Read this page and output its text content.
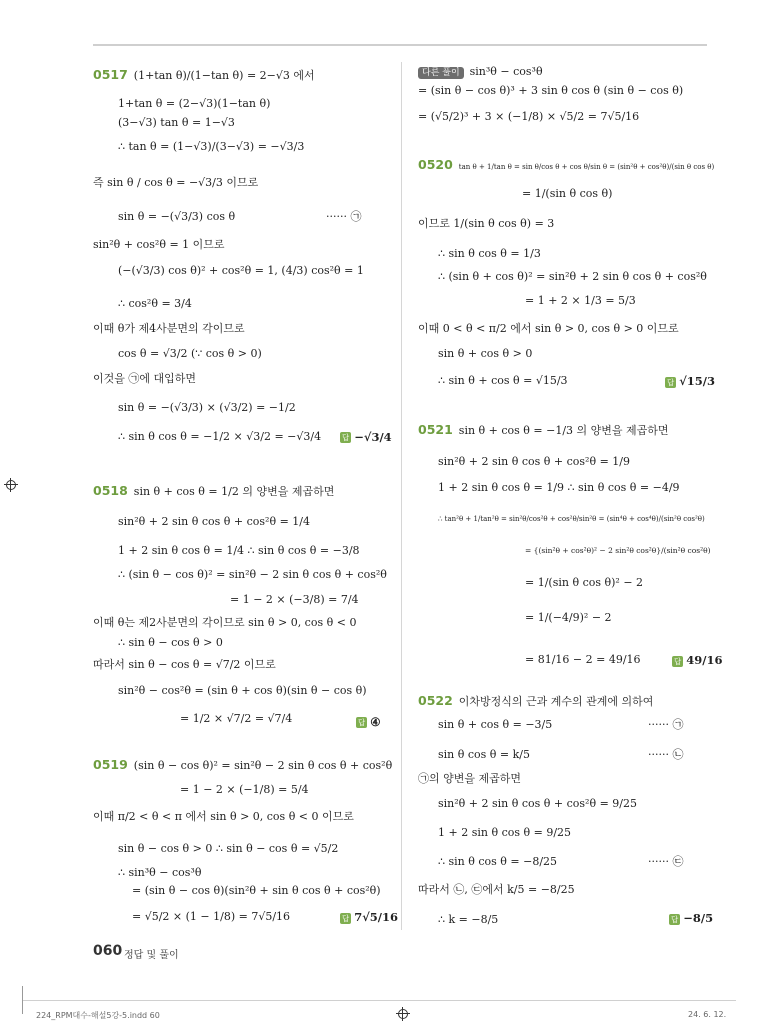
0517 (1+tan θ)/(1−tan θ) = 2−√3 에서
1+tan θ = (2−√3)(1−tan θ)
(3−√3) tan θ = 1−√3
∴ tan θ = (1−√3)/(3−√3) = −√3/3
즉 sin θ / cos θ = −√3/3 이므로
sin θ = −(√3/3) cos θ	······ ㉠
sin²θ + cos²θ = 1 이므로
(−(√3/3) cos θ)² + cos²θ = 1, (4/3) cos²θ = 1
∴ cos²θ = 3/4
이때 θ가 제4사분면의 각이므로
cos θ = √3/2 (∵ cos θ > 0)
이것을 ㉠에 대입하면
sin θ = −(√3/3) × (√3/2) = −1/2
∴ sin θ cos θ = −1/2 × √3/2 = −√3/4	답 −√3/4
0518 sin θ + cos θ = 1/2 의 양변을 제곱하면
sin²θ + 2 sin θ cos θ + cos²θ = 1/4
1 + 2 sin θ cos θ = 1/4 ∴ sin θ cos θ = −3/8
∴ (sin θ − cos θ)² = sin²θ − 2 sin θ cos θ + cos²θ
= 1 − 2 × (−3/8) = 7/4
이때 θ는 제2사분면의 각이므로 sin θ > 0, cos θ < 0
∴ sin θ − cos θ > 0
따라서 sin θ − cos θ = √7/2 이므로
sin²θ − cos²θ = (sin θ + cos θ)(sin θ − cos θ)
= 1/2 × √7/2 = √7/4	답 ④
0519 (sin θ − cos θ)² = sin²θ − 2 sin θ cos θ + cos²θ
= 1 − 2 × (−1/8) = 5/4
이때 π/2 < θ < π 에서 sin θ > 0, cos θ < 0 이므로
sin θ − cos θ > 0 ∴ sin θ − cos θ = √5/2
∴ sin³θ − cos³θ
= (sin θ − cos θ)(sin²θ + sin θ cos θ + cos²θ)
= √5/2 × (1 − 1/8) = 7√5/16	답 7√5/16
다른 풀이 sin³θ − cos³θ
= (sin θ − cos θ)³ + 3 sin θ cos θ (sin θ − cos θ)
= (√5/2)³ + 3 × (−1/8) × √5/2 = 7√5/16
0520 tan θ + 1/tan θ = sin θ/cos θ + cos θ/sin θ = (sin²θ + cos²θ)/(sin θ cos θ)
= 1/(sin θ cos θ)
이므로 1/(sin θ cos θ) = 3
∴ sin θ cos θ = 1/3
∴ (sin θ + cos θ)² = sin²θ + 2 sin θ cos θ + cos²θ
= 1 + 2 × 1/3 = 5/3
이때 0 < θ < π/2 에서 sin θ > 0, cos θ > 0 이므로
sin θ + cos θ > 0
∴ sin θ + cos θ = √15/3	답 √15/3
0521 sin θ + cos θ = −1/3 의 양변을 제곱하면
sin²θ + 2 sin θ cos θ + cos²θ = 1/9
1 + 2 sin θ cos θ = 1/9 ∴ sin θ cos θ = −4/9
∴ tan²θ + 1/tan²θ = sin²θ/cos²θ + cos²θ/sin²θ = (sin⁴θ + cos⁴θ)/(sin²θ cos²θ)
= {(sin²θ + cos²θ)² − 2 sin²θ cos²θ}/(sin²θ cos²θ)
= 1/(sin θ cos θ)² − 2
= 1/(−4/9)² − 2
= 81/16 − 2 = 49/16	답 49/16
0522 이차방정식의 근과 계수의 관계에 의하여
sin θ + cos θ = −3/5	······ ㉠
sin θ cos θ = k/5	······ ㉡
㉠의 양변을 제곱하면
sin²θ + 2 sin θ cos θ + cos²θ = 9/25
1 + 2 sin θ cos θ = 9/25
∴ sin θ cos θ = −8/25	······ ㉢
따라서 ㉡, ㉢에서 k/5 = −8/25
∴ k = −8/5	답 −8/5
060 정답 및 풀이
224_RPM대수-해설5강-5.indd 60	24. 6. 12.
